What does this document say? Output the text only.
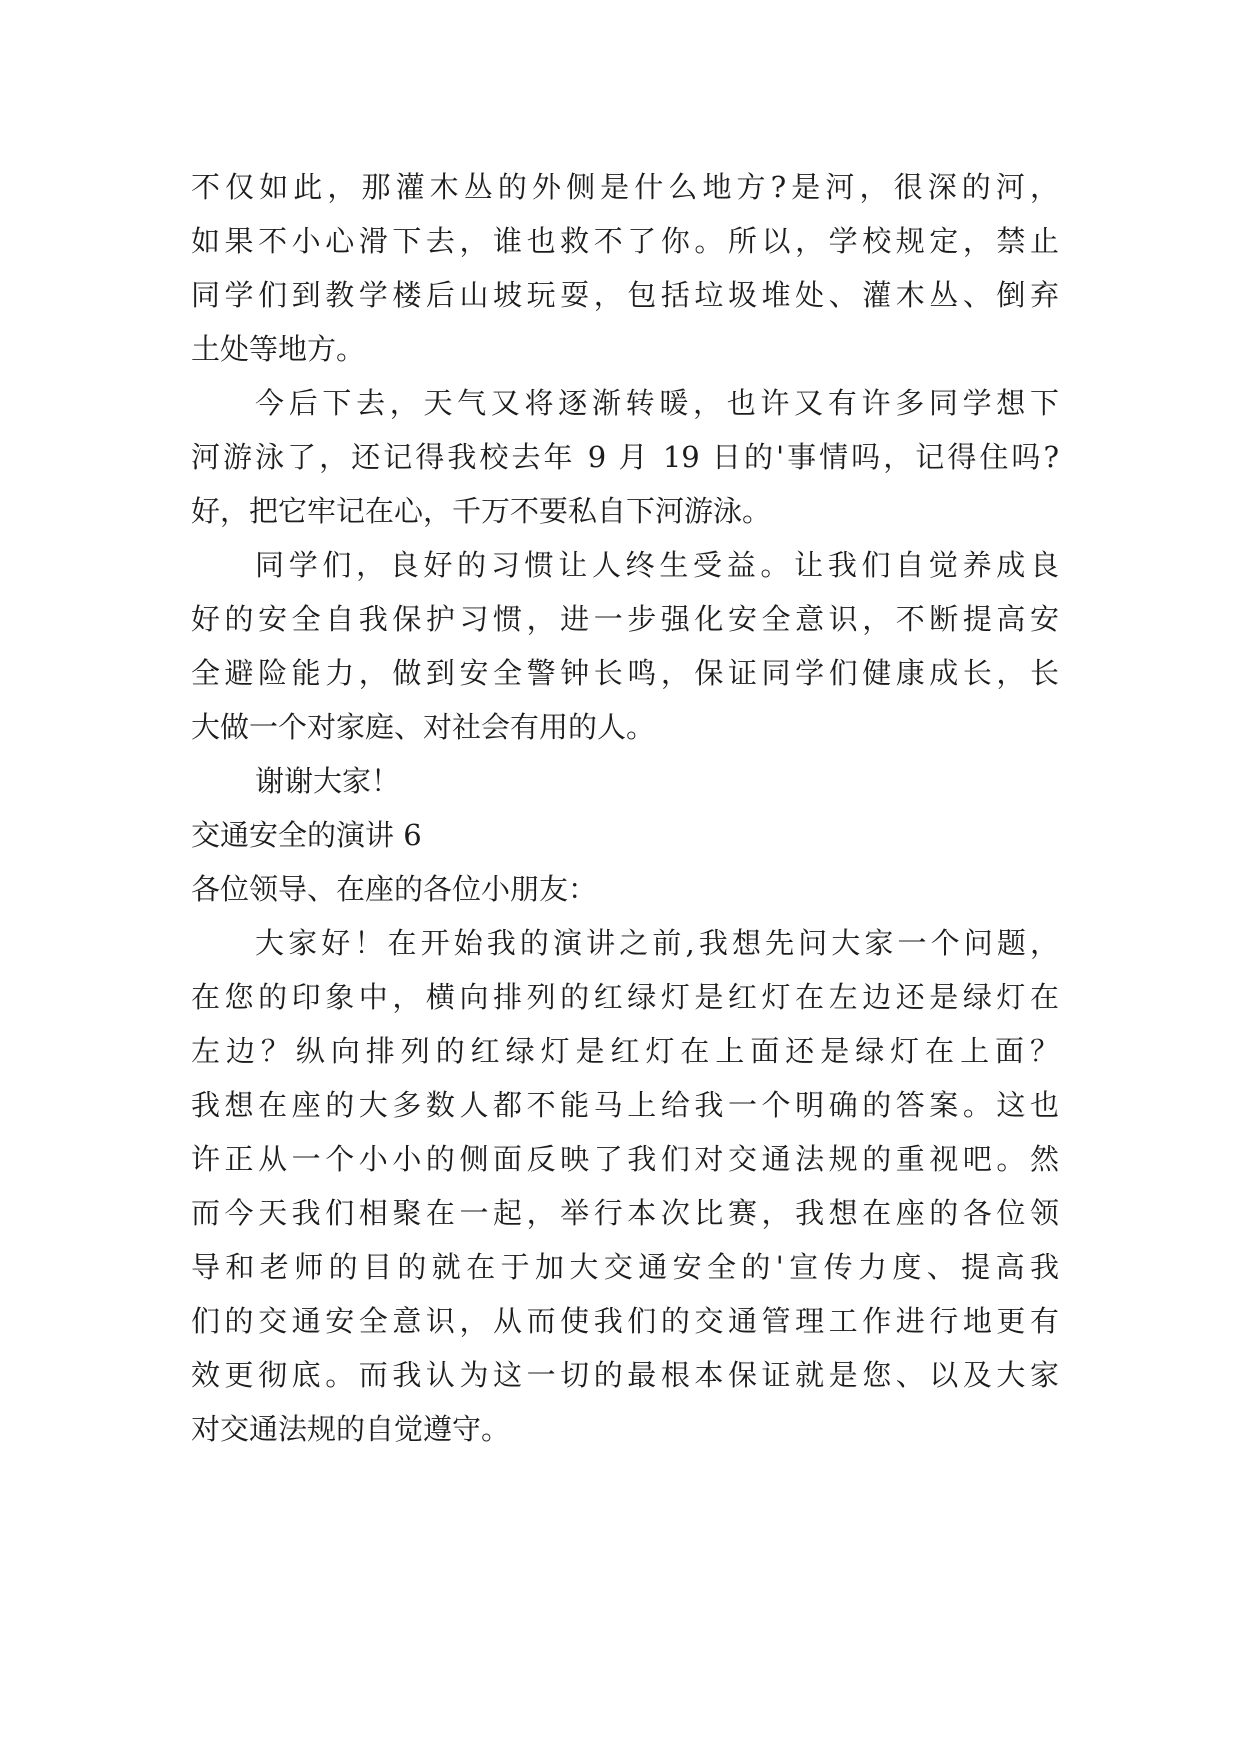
不仅如此，那灌木丛的外侧是什么地方?是河，很深的河，
如果不小心滑下去，谁也救不了你。所以，学校规定，禁止
同学们到教学楼后山坡玩耍，包括垃圾堆处、灌木丛、倒弃
土处等地方。
今后下去，天气又将逐渐转暖，也许又有许多同学想下
河游泳了，还记得我校去年 9 月 19 日的'事情吗，记得住吗?
好，把它牢记在心，千万不要私自下河游泳。
同学们，良好的习惯让人终生受益。让我们自觉养成良
好的安全自我保护习惯，进一步强化安全意识，不断提高安
全避险能力，做到安全警钟长鸣，保证同学们健康成长，长
大做一个对家庭、对社会有用的人。
谢谢大家！
交通安全的演讲 6
各位领导、在座的各位小朋友：
大家好！在开始我的演讲之前,我想先问大家一个问题，
在您的印象中，横向排列的红绿灯是红灯在左边还是绿灯在
左边？纵向排列的红绿灯是红灯在上面还是绿灯在上面？
我想在座的大多数人都不能马上给我一个明确的答案。这也
许正从一个小小的侧面反映了我们对交通法规的重视吧。然
而今天我们相聚在一起，举行本次比赛，我想在座的各位领
导和老师的目的就在于加大交通安全的'宣传力度、提高我
们的交通安全意识，从而使我们的交通管理工作进行地更有
效更彻底。而我认为这一切的最根本保证就是您、以及大家
对交通法规的自觉遵守。
